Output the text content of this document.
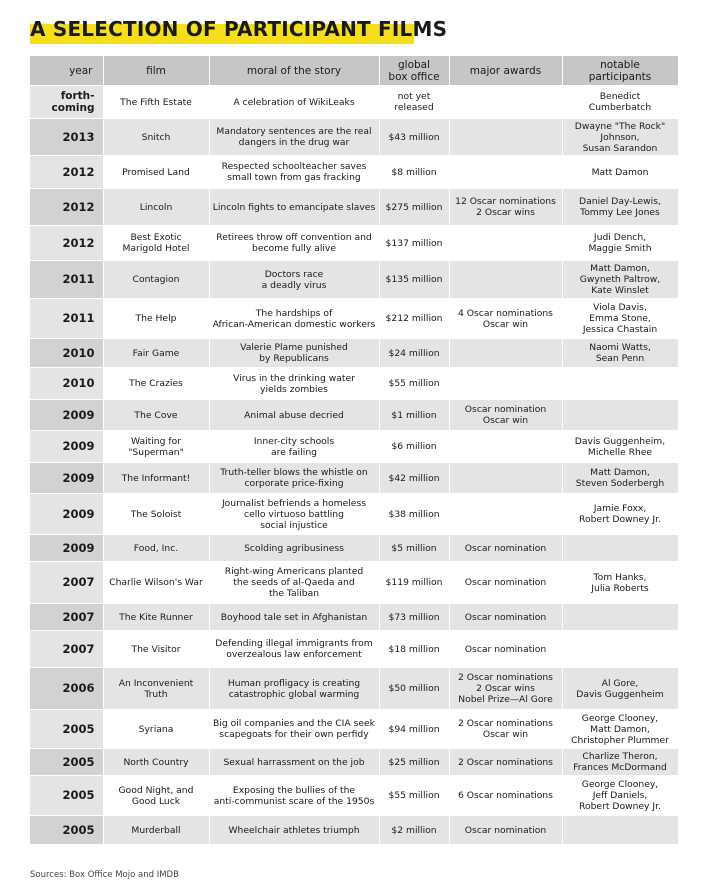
A SELECTION OF PARTICIPANT FILMS
year	film	moral of the story	global
box office	major awards	notable
participants

forth-
coming	The Fifth Estate	A celebration of WikiLeaks	not yet
released		Benedict
Cumberbatch

2013	Snitch	Mandatory sentences are the real
dangers in the drug war	$43 million		Dwayne "The Rock"
Johnson,
Susan Sarandon

2012	Promised Land	Respected schoolteacher saves
small town from gas fracking	$8 million		Matt Damon

2012	Lincoln	Lincoln fights to emancipate slaves	$275 million	12 Oscar nominations
2 Oscar wins	Daniel Day-Lewis,
Tommy Lee Jones

2012	Best Exotic
Marigold Hotel	Retirees throw off convention and
become fully alive	$137 million		Judi Dench,
Maggie Smith

2011	Contagion	Doctors race
a deadly virus	$135 million		Matt Damon,
Gwyneth Paltrow,
Kate Winslet

2011	The Help	The hardships of
African-American domestic workers	$212 million	4 Oscar nominations
Oscar win	Viola Davis,
Emma Stone,
Jessica Chastain

2010	Fair Game	Valerie Plame punished
by Republicans	$24 million		Naomi Watts,
Sean Penn

2010	The Crazies	Virus in the drinking water
yields zombies	$55 million		

2009	The Cove	Animal abuse decried	$1 million	Oscar nomination
Oscar win	

2009	Waiting for
"Superman"	Inner-city schools
are failing	$6 million		Davis Guggenheim,
Michelle Rhee

2009	The Informant!	Truth-teller blows the whistle on
corporate price-fixing	$42 million		Matt Damon,
Steven Soderbergh

2009	The Soloist	Journalist befriends a homeless
cello virtuoso battling
social injustice	$38 million		Jamie Foxx,
Robert Downey Jr.

2009	Food, Inc.	Scolding agribusiness	$5 million	Oscar nomination	

2007	Charlie Wilson's War	Right-wing Americans planted
the seeds of al-Qaeda and
the Taliban	$119 million	Oscar nomination	Tom Hanks,
Julia Roberts

2007	The Kite Runner	Boyhood tale set in Afghanistan	$73 million	Oscar nomination	

2007	The Visitor	Defending illegal immigrants from
overzealous law enforcement	$18 million	Oscar nomination	

2006	An Inconvenient
Truth	Human profligacy is creating
catastrophic global warming	$50 million	2 Oscar nominations
2 Oscar wins
Nobel Prize—Al Gore	Al Gore,
Davis Guggenheim

2005	Syriana	Big oil companies and the CIA seek
scapegoats for their own perfidy	$94 million	2 Oscar nominations
Oscar win	George Clooney,
Matt Damon,
Christopher Plummer

2005	North Country	Sexual harrassment on the job	$25 million	2 Oscar nominations	Charlize Theron,
Frances McDormand

2005	Good Night, and
Good Luck	Exposing the bullies of the
anti-communist scare of the 1950s	$55 million	6 Oscar nominations	George Clooney,
Jeff Daniels,
Robert Downey Jr.

2005	Murderball	Wheelchair athletes triumph	$2 million	Oscar nomination	

Sources: Box Office Mojo and IMDB
